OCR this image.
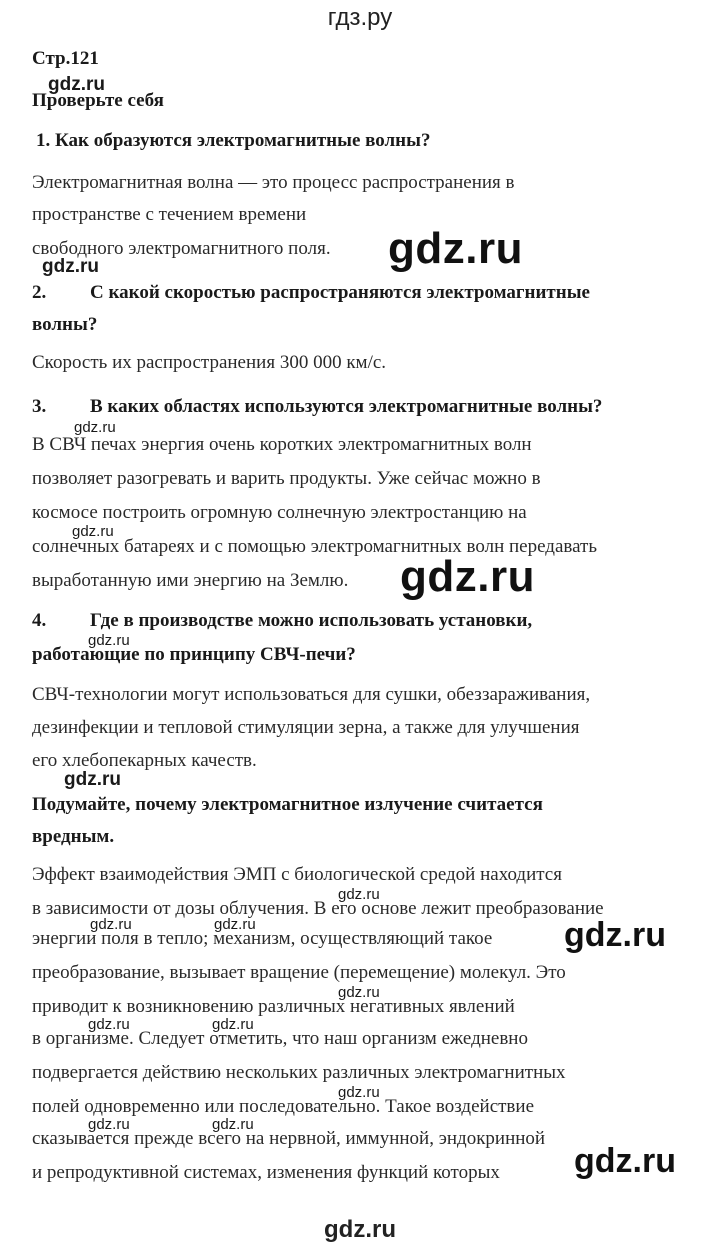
гдз.ру
Стр.121
gdz.ru
Проверьте себя
1. Как образуются электромагнитные волны?
Электромагнитная волна — это процесс распространения в
пространстве с течением времени
свободного электромагнитного поля. gdz.ru
gdz.ru
2. С какой скоростью распространяются электромагнитные
волны?
Скорость их распространения 300 000 км/с.
3. В каких областях используются электромагнитные волны?
gdz.ru
В СВЧ печах энергия очень коротких электромагнитных волн
позволяет разогревать и варить продукты. Уже сейчас можно в
космосе построить огромную солнечную электростанцию на
gdz.ru
солнечных батареях и с помощью электромагнитных волн передавать
выработанную ими энергию на Землю. gdz.ru
4. Где в производстве можно использовать установки,
gdz.ru
работающие по принципу СВЧ-печи?
СВЧ-технологии могут использоваться для сушки, обеззараживания,
дезинфекции и тепловой стимуляции зерна, а также для улучшения
его хлебопекарных качеств.
gdz.ru
Подумайте, почему электромагнитное излучение считается
вредным.
Эффект взаимодействия ЭМП с биологической средой находится
gdz.ru
в зависимости от дозы облучения. В его основе лежит преобразование
gdz.ru	gdz.ru
энергии поля в тепло; механизм, осуществляющий такое gdz.ru
преобразование, вызывает вращение (перемещение) молекул. Это
gdz.ru
приводит к возникновению различных негативных явлений
gdz.ru	gdz.ru
в организме. Следует отметить, что наш организм ежедневно
подвергается действию нескольких различных электромагнитных
gdz.ru
полей одновременно или последовательно. Такое воздействие
gdz.ru	gdz.ru
сказывается прежде всего на нервной, иммунной, эндокринной
gdz.ru
и репродуктивной системах, изменения функций которых
gdz.ru
